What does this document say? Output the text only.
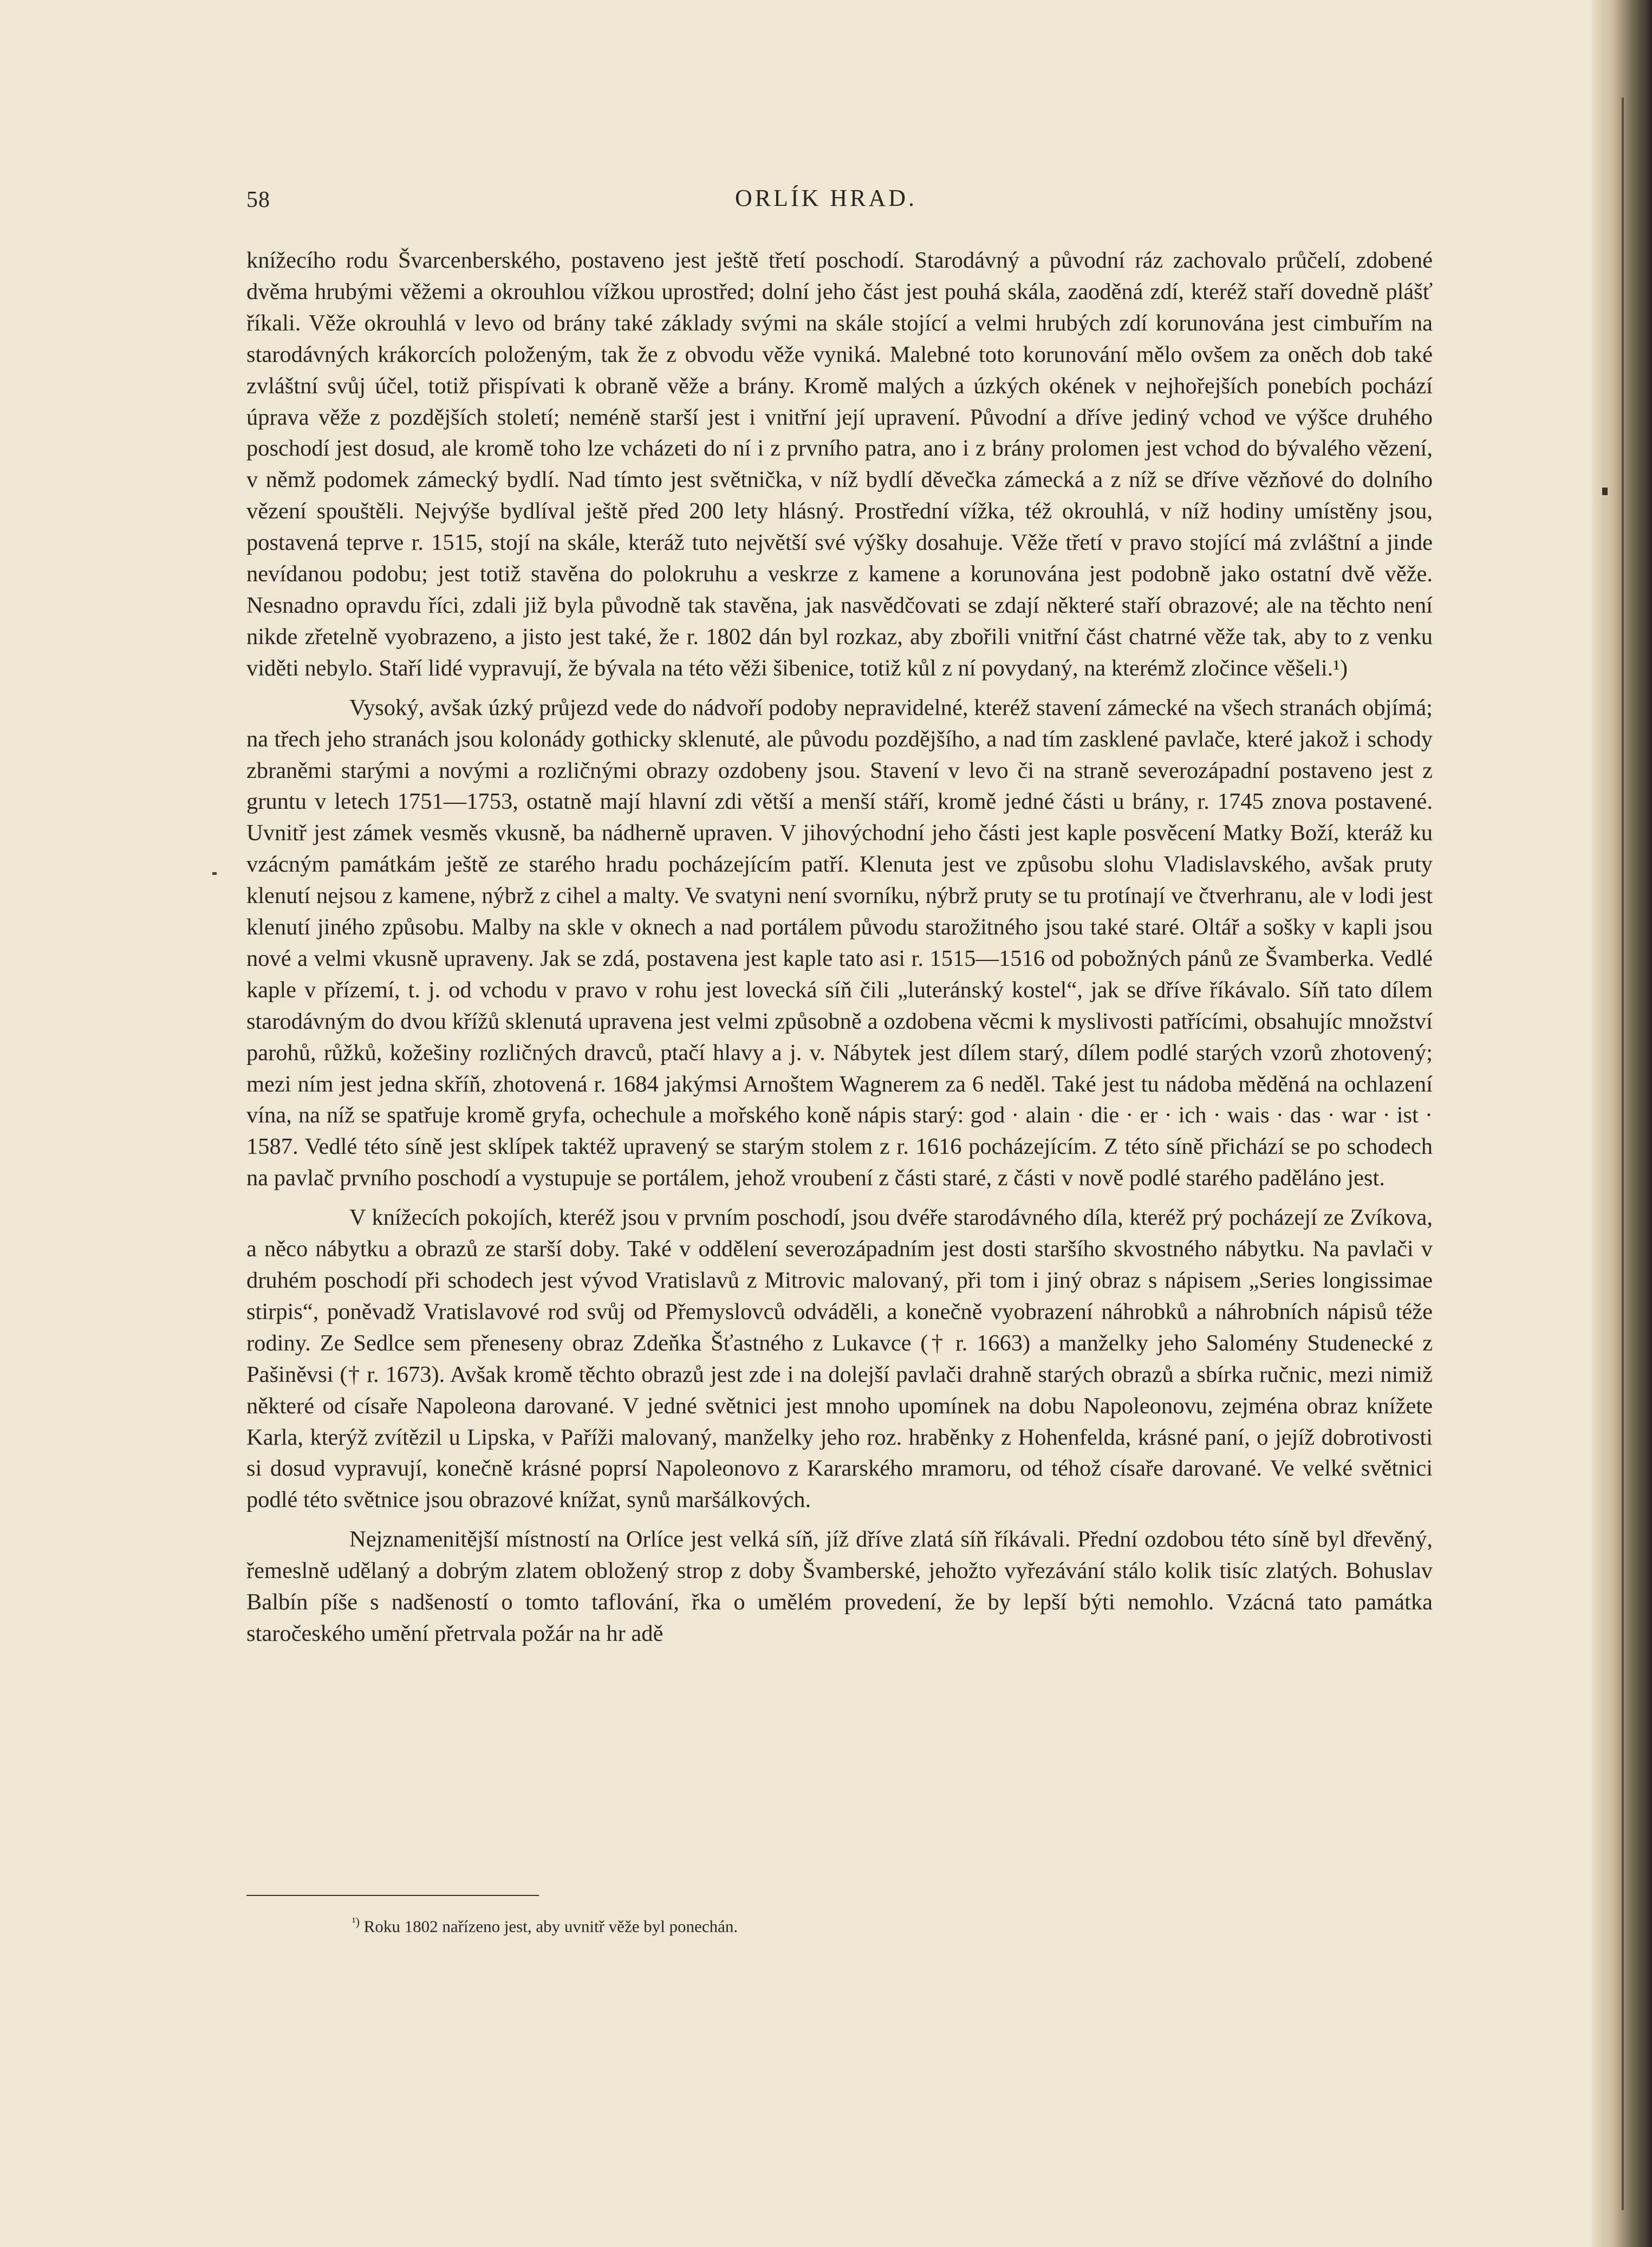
58	ORLÍK HRAD.

knížecího rodu Švarcenberského, postaveno jest ještě třetí poschodí. Starodávný a původní ráz zachovalo průčelí, zdobené dvěma hrubými věžemi a okrouhlou vížkou uprostřed; dolní jeho část jest pouhá skála, zaoděná zdí, kteréž staří dovedně plášť říkali. Věže okrouhlá v levo od brány také základy svými na skále stojící a velmi hrubých zdí korunována jest cimbuřím na starodávných krákorcích položeným, tak že z obvodu věže vyniká. Malebné toto korunování mělo ovšem za oněch dob také zvláštní svůj účel, totiž přispívati k obraně věže a brány. Kromě malých a úzkých okének v nejhořejších ponebích pochází úprava věže z pozdějších století; neméně starší jest i vnitřní její upravení. Původní a dříve jediný vchod ve výšce druhého poschodí jest dosud, ale kromě toho lze vcházeti do ní i z prvního patra, ano i z brány prolomen jest vchod do bývalého vězení, v němž podomek zámecký bydlí. Nad tímto jest světnička, v níž bydlí děvečka zámecká a z níž se dříve vězňové do dolního vězení spouštěli. Nejvýše bydlíval ještě před 200 lety hlásný. Prostřední vížka, též okrouhlá, v níž hodiny umístěny jsou, postavená teprve r. 1515, stojí na skále, kteráž tuto největší své výšky dosahuje. Věže třetí v pravo stojící má zvláštní a jinde nevídanou podobu; jest totiž stavěna do polokruhu a veskrze z kamene a korunována jest podobně jako ostatní dvě věže. Nesnadno opravdu říci, zdali již byla původně tak stavěna, jak nasvědčovati se zdají některé staří obrazové; ale na těchto není nikde zřetelně vyobrazeno, a jisto jest také, že r. 1802 dán byl rozkaz, aby zbořili vnitřní část chatrné věže tak, aby to z venku viděti nebylo. Staří lidé vypravují, že bývala na této věži šibenice, totiž kůl z ní povydaný, na kterémž zločince věšeli.¹)

Vysoký, avšak úzký průjezd vede do nádvoří podoby nepravidelné, kteréž stavení zámecké na všech stranách objímá; na třech jeho stranách jsou kolonády gothicky sklenuté, ale původu pozdějšího, a nad tím zasklené pavlače, které jakož i schody zbraněmi starými a novými a rozličnými obrazy ozdobeny jsou. Stavení v levo či na straně severozápadní postaveno jest z gruntu v letech 1751—1753, ostatně mají hlavní zdi větší a menší stáří, kromě jedné části u brány, r. 1745 znova postavené. Uvnitř jest zámek vesměs vkusně, ba nádherně upraven. V jihovýchodní jeho části jest kaple posvěcení Matky Boží, kteráž ku vzácným památkám ještě ze starého hradu pocházejícím patří. Klenuta jest ve způsobu slohu Vladislavského, avšak pruty klenutí nejsou z kamene, nýbrž z cihel a malty. Ve svatyni není svorníku, nýbrž pruty se tu protínají ve čtverhranu, ale v lodi jest klenutí jiného způsobu. Malby na skle v oknech a nad portálem původu starožitného jsou také staré. Oltář a sošky v kapli jsou nové a velmi vkusně upraveny. Jak se zdá, postavena jest kaple tato asi r. 1515—1516 od pobožných pánů ze Švamberka. Vedlé kaple v přízemí, t. j. od vchodu v pravo v rohu jest lovecká síň čili „luteránský kostel“, jak se dříve říkávalo. Síň tato dílem starodávným do dvou křížů sklenutá upravena jest velmi způsobně a ozdobena věcmi k myslivosti patřícími, obsahujíc množství parohů, růžků, kožešiny rozličných dravců, ptačí hlavy a j. v. Nábytek jest dílem starý, dílem podlé starých vzorů zhotovený; mezi ním jest jedna skříň, zhotovená r. 1684 jakýmsi Arnoštem Wagnerem za 6 neděl. Také jest tu nádoba měděná na ochlazení vína, na níž se spatřuje kromě gryfa, ochechule a mořského koně nápis starý: god · alain · die · er · ich · wais · das · war · ist · 1587. Vedlé této síně jest sklípek taktéž upravený se starým stolem z r. 1616 pocházejícím. Z této síně přichází se po schodech na pavlač prvního poschodí a vystupuje se portálem, jehož vroubení z části staré, z části v nově podlé starého paděláno jest.

V knížecích pokojích, kteréž jsou v prvním poschodí, jsou dvéře starodávného díla, kteréž prý pocházejí ze Zvíkova, a něco nábytku a obrazů ze starší doby. Také v oddělení severozápadním jest dosti staršího skvostného nábytku. Na pavlači v druhém poschodí při schodech jest vývod Vratislavů z Mitrovic malovaný, při tom i jiný obraz s nápisem „Series longissimae stirpis“, poněvadž Vratislavové rod svůj od Přemyslovců odváděli, a konečně vyobrazení náhrobků a náhrobních nápisů téže rodiny. Ze Sedlce sem přeneseny obraz Zdeňka Šťastného z Lukavce († r. 1663) a manželky jeho Salomény Studenecké z Pašiněvsi († r. 1673). Avšak kromě těchto obrazů jest zde i na dolejší pavlači drahně starých obrazů a sbírka ručnic, mezi nimiž některé od císaře Napoleona darované. V jedné světnici jest mnoho upomínek na dobu Napoleonovu, zejména obraz knížete Karla, kterýž zvítězil u Lipska, v Paříži malovaný, manželky jeho roz. hraběnky z Hohenfelda, krásné paní, o jejíž dobrotivosti si dosud vypravují, konečně krásné poprsí Napoleonovo z Kararského mramoru, od téhož císaře darované. Ve velké světnici podlé této světnice jsou obrazové knížat, synů maršálkových.

Nejznamenitější místností na Orlíce jest velká síň, jíž dříve zlatá síň říkávali. Přední ozdobou této síně byl dřevěný, řemeslně udělaný a dobrým zlatem obložený strop z doby Švamberské, jehožto vyřezávání stálo kolik tisíc zlatých. Bohuslav Balbín píše s nadšeností o tomto taflování, řka o umělém provedení, že by lepší býti nemohlo. Vzácná tato památka staročeského umění přetrvala požár na hr adě

$^{^1)}$ Roku 1802 nařízeno jest, aby uvnitř věže byl ponechán.
